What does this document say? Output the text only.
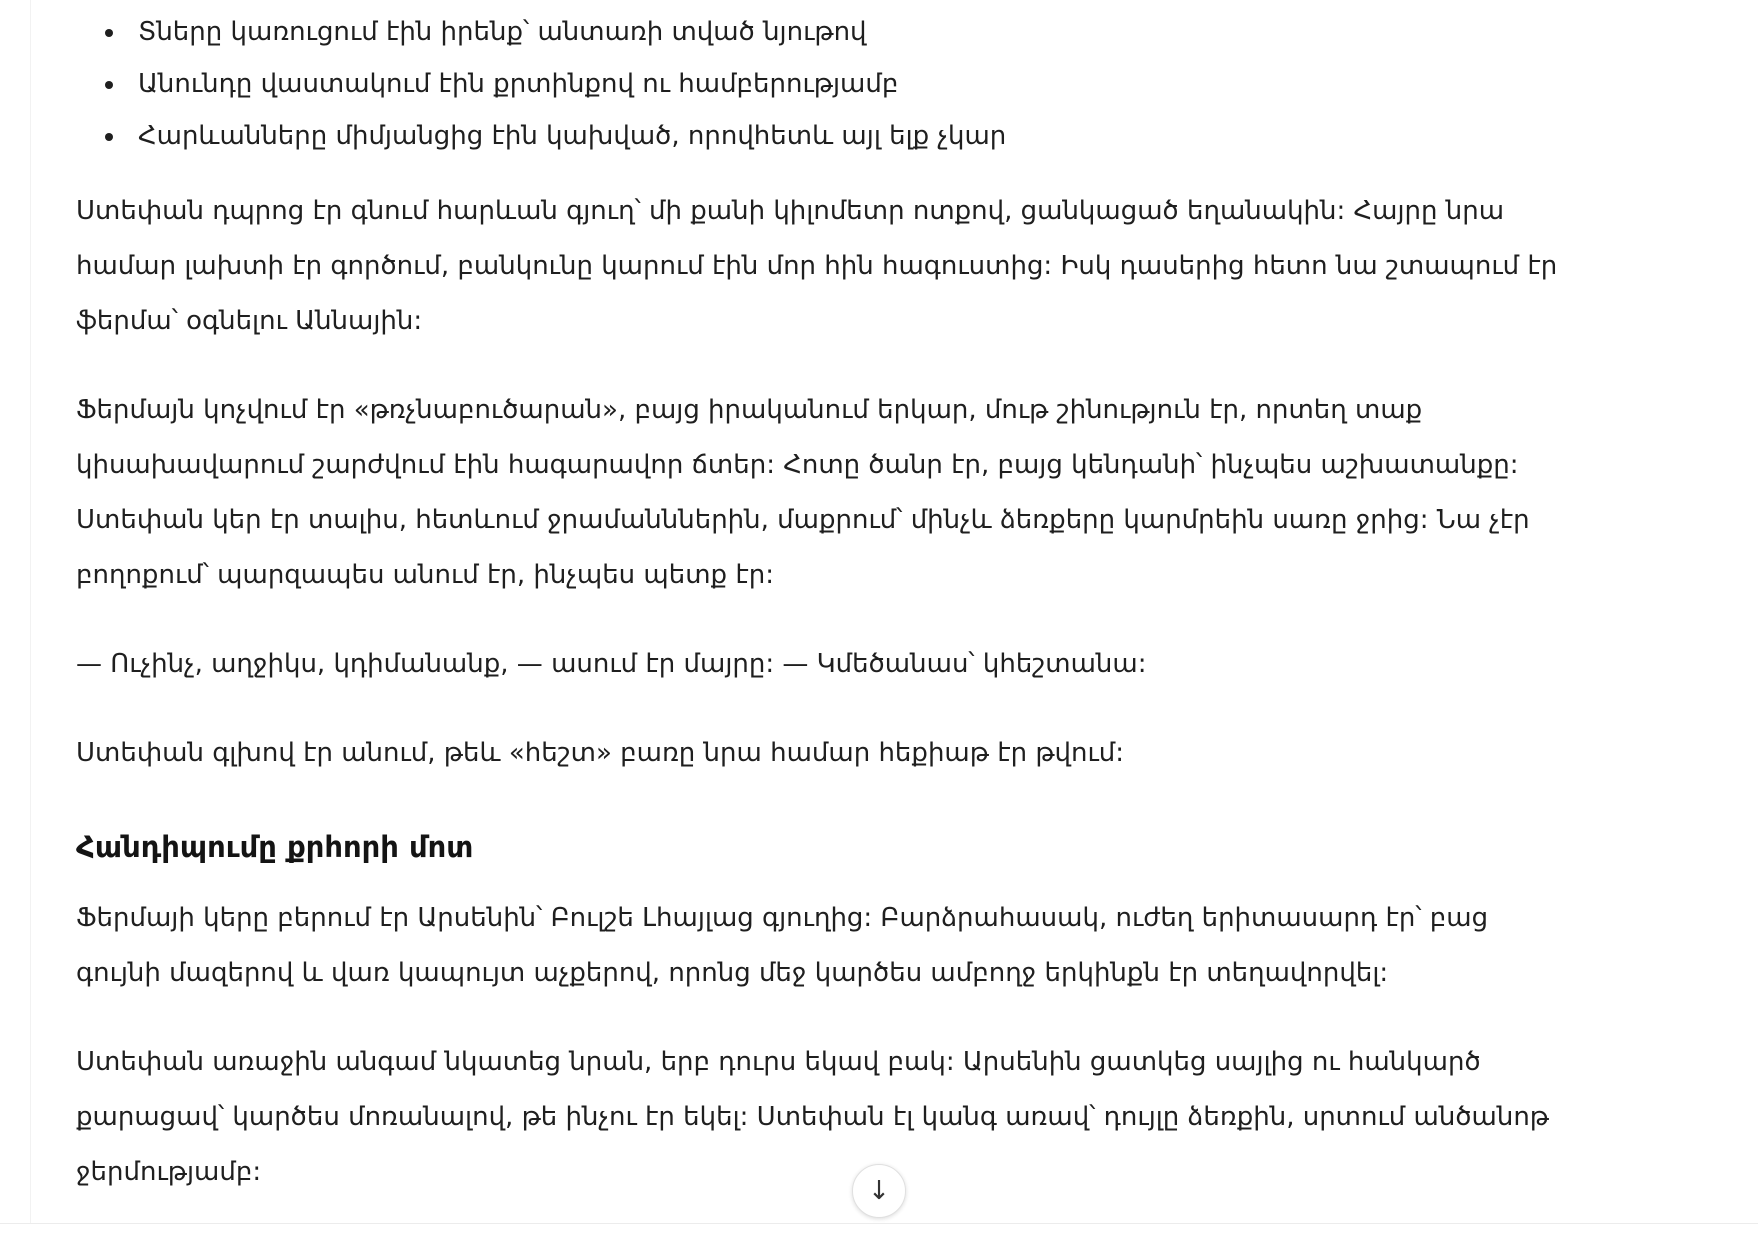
Տները կառուցում էին իրենք՝ անտառի տված նյութով
Անունդը վաստակում էին քրտինքով ու համբերությամբ
Հարևանները միմյանցից էին կախված, որովհետև այլ ելք չկար

Ստեփան դպրոց էր գնում հարևան գյուղ՝ մի քանի կիլոմետր ոտքով, ցանկացած եղանակին: Հայրը նրա համար լախտի էր գործում, բանկունը կարում էին մոր հին հագուստից: Իսկ դասերից հետո նա շտապում էր ֆերմա՝ օգնելու Աննային:

Ֆերմայն կոչվում էր «թռչնաբուծարան», բայց իրականում երկար, մութ շինություն էր, որտեղ տաք կիսախավարում շարժվում էին հագարավոր ճտեր: Հոտը ծանր էր, բայց կենդանի՝ ինչպես աշխատանքը: Ստեփան կեր էր տալիս, հետևում ջրամանններին, մաքրում՝ մինչև ձեռքերը կարմրեին սառը ջրից: Նա չէր բողոքում՝ պարզապես անում էր, ինչպես պետք էր:

— Ուչինչ, աղջիկս, կդիմանանք, — ասում էր մայրը: — Կմեծանաս՝ կհեշտանա:

Ստեփան գլխով էր անում, թեև «հեշտ» բառը նրա համար հեքիաթ էր թվում:

Հանդիպումը քրհորի մոտ

Ֆերմայի կերը բերում էր Արսենին՝ Բուլշե Լհայլաց գյուղից: Բարձրահասակ, ուժեղ երիտասարդ էր՝ բաց գույնի մազերով և վառ կապույտ աչքերով, որոնց մեջ կարծես ամբողջ երկինքն էր տեղավորվել:

Ստեփան առաջին անգամ նկատեց նրան, երբ դուրս եկավ բակ: Արսենին ցատկեց սայլից ու հանկարծ քարացավ՝ կարծես մոռանալով, թե ինչու էր եկել: Ստեփան էլ կանգ առավ՝ դույլը ձեռքին, սրտում անծանոթ ջերմությամբ:

↓
